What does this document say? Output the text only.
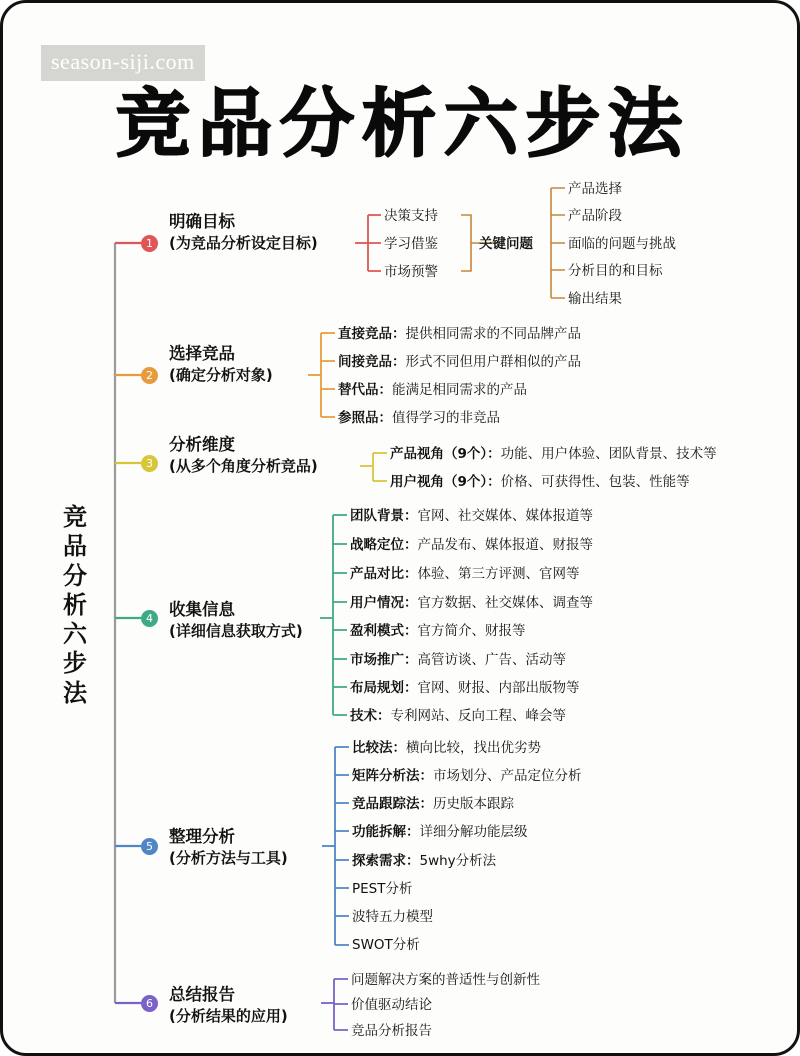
season-siji.com
竞品分析六步法
竞
品
分
析
六
步
法
1
明确目标
(为竞品分析设定目标)
决策支持
学习借鉴
市场预警
关键问题
产品选择
产品阶段
面临的问题与挑战
分析目的和目标
输出结果
2
选择竞品
(确定分析对象)
直接竞品：提供相同需求的不同品牌产品
间接竞品：形式不同但用户群相似的产品
替代品：能满足相同需求的产品
参照品：值得学习的非竞品
3
分析维度
(从多个角度分析竞品)
产品视角（9个）：功能、用户体验、团队背景、技术等
用户视角（9个）：价格、可获得性、包装、性能等
4 收集信息
(详细信息获取方式)
团队背景：官网、社交媒体、媒体报道等
战略定位：产品发布、媒体报道、财报等
产品对比：体验、第三方评测、官网等
用户情况：官方数据、社交媒体、调查等
盈利模式：官方简介、财报等
市场推广：高管访谈、广告、活动等
布局规划：官网、财报、内部出版物等
技术：专利网站、反向工程、峰会等
5
整理分析
(分析方法与工具)
比较法：横向比较，找出优劣势
矩阵分析法：市场划分、产品定位分析
竞品跟踪法：历史版本跟踪
功能拆解：详细分解功能层级
探索需求：5why分析法
PEST分析
波特五力模型
SWOT分析
6 总结报告
(分析结果的应用)
问题解决方案的普适性与创新性
价值驱动结论
竞品分析报告
